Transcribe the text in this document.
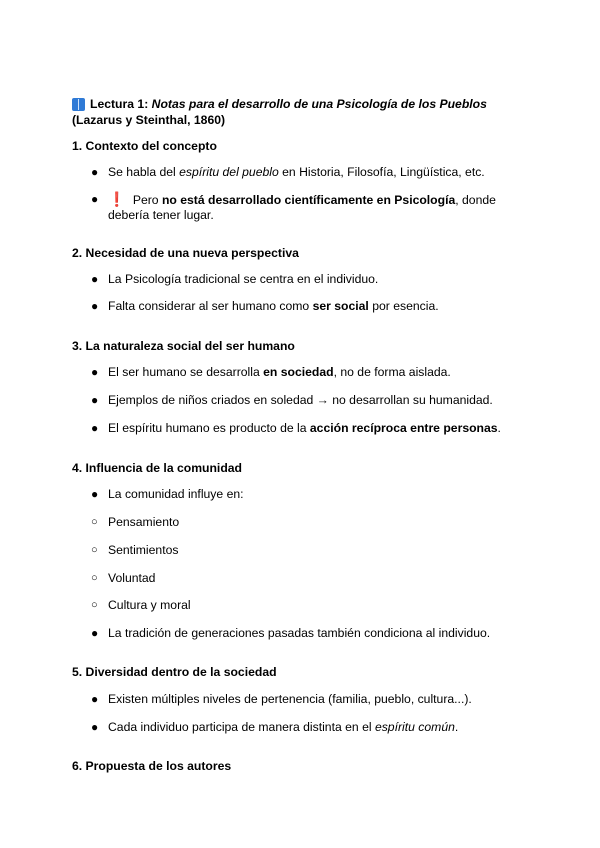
Lectura 1:
Notas para el desarrollo de una Psicología de los Pueblos
(Lazarus y Steinthal, 1860)
1. Contexto del concepto
● Se habla del espíritu del pueblo en Historia, Filosofía, Lingüística, etc.
● ❗ Pero no está desarrollado científicamente en Psicología, donde
debería tener lugar.
2. Necesidad de una nueva perspectiva
● La Psicología tradicional se centra en el individuo.
● Falta considerar al ser humano como ser social por esencia.
3. La naturaleza social del ser humano
● El ser humano se desarrolla en sociedad, no de forma aislada.
● Ejemplos de niños criados en soledad → no desarrollan su humanidad.
● El espíritu humano es producto de la acción recíproca entre personas.
4. Influencia de la comunidad
● La comunidad influye en:
○ Pensamiento
○ Sentimientos
○ Voluntad
○ Cultura y moral
● La tradición de generaciones pasadas también condiciona al individuo.
5. Diversidad dentro de la sociedad
● Existen múltiples niveles de pertenencia (familia, pueblo, cultura...).
● Cada individuo participa de manera distinta en el espíritu común.
6. Propuesta de los autores
